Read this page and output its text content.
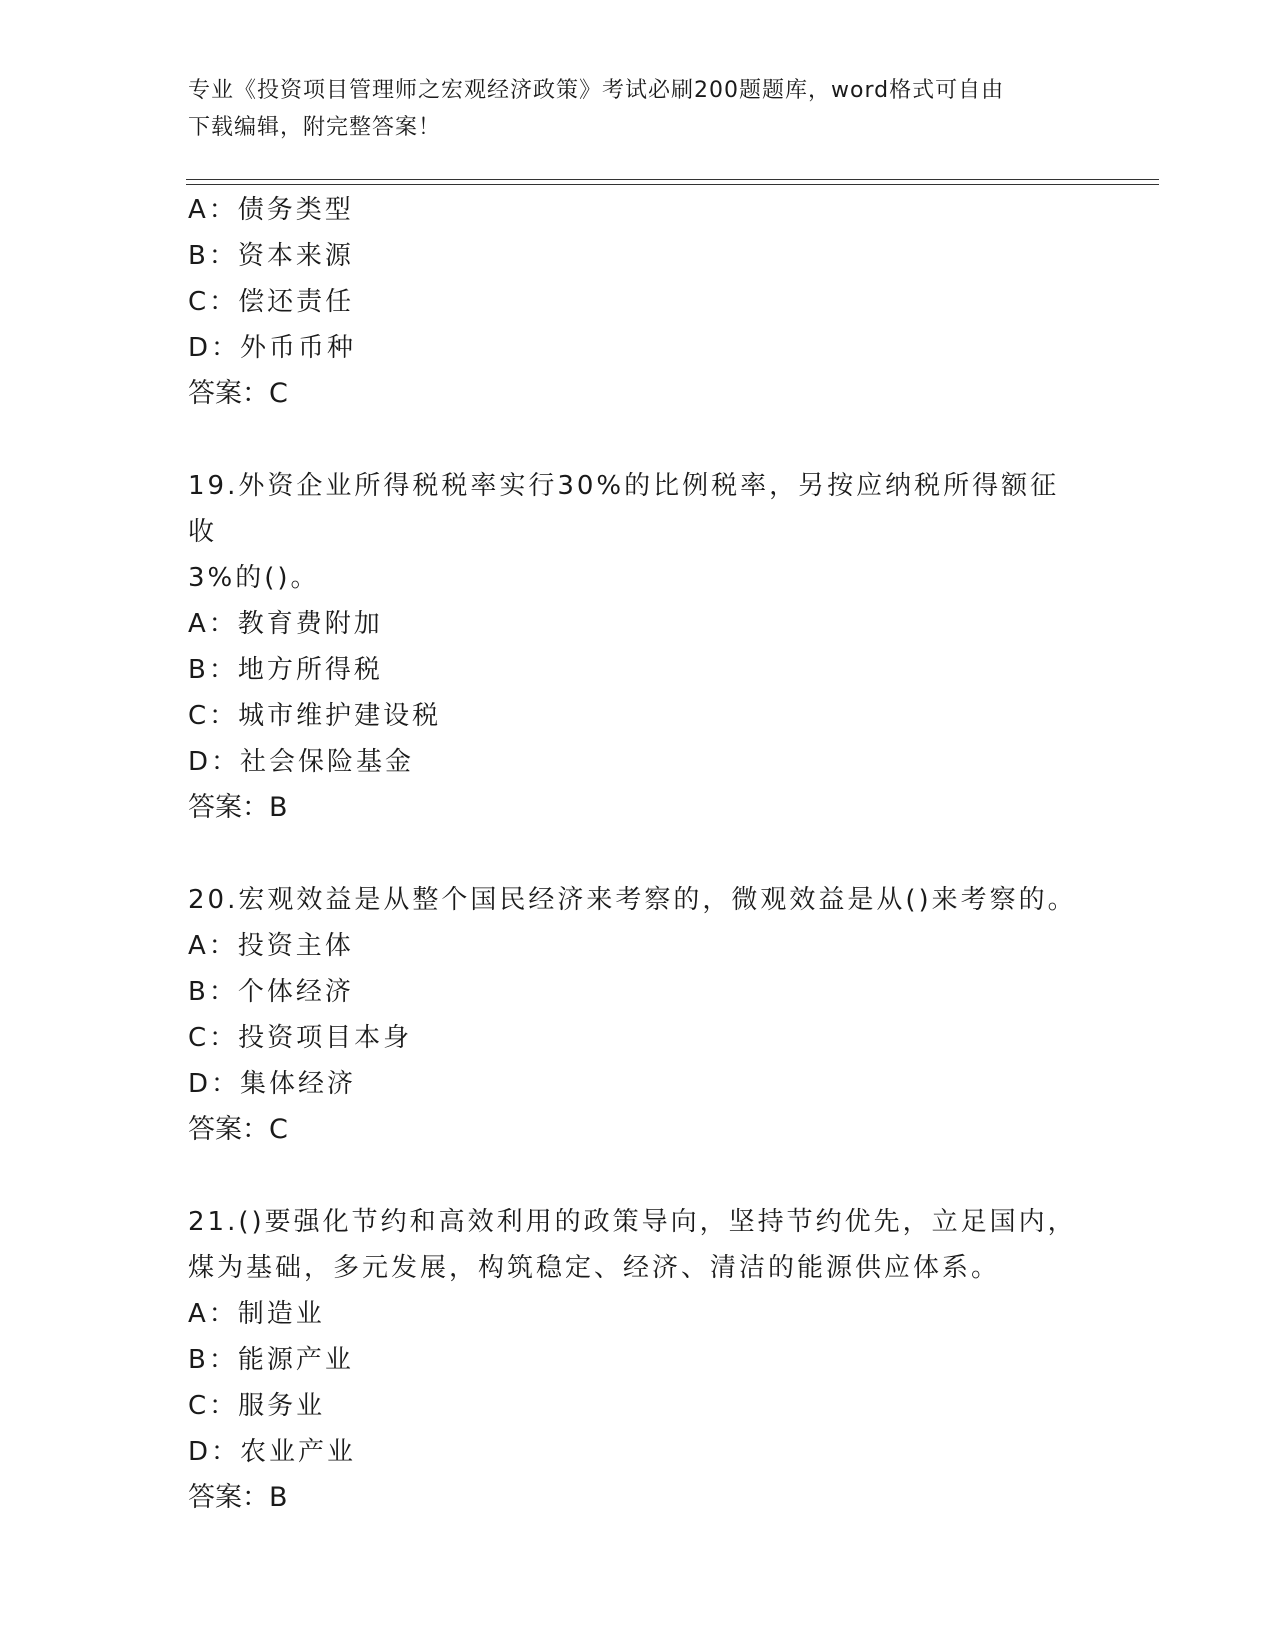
专业《投资项目管理师之宏观经济政策》考试必刷200题题库，word格式可自由
下载编辑，附完整答案！
A：债务类型
B：资本来源
C：偿还责任
D：外币币种
答案：C
19.外资企业所得税税率实行30%的比例税率，另按应纳税所得额征收
3%的()。
A：教育费附加
B：地方所得税
C：城市维护建设税
D：社会保险基金
答案：B
20.宏观效益是从整个国民经济来考察的，微观效益是从()来考察的。
A：投资主体
B：个体经济
C：投资项目本身
D：集体经济
答案：C
21.()要强化节约和高效利用的政策导向，坚持节约优先，立足国内，
煤为基础，多元发展，构筑稳定、经济、清洁的能源供应体系。
A：制造业
B：能源产业
C：服务业
D：农业产业
答案：B
